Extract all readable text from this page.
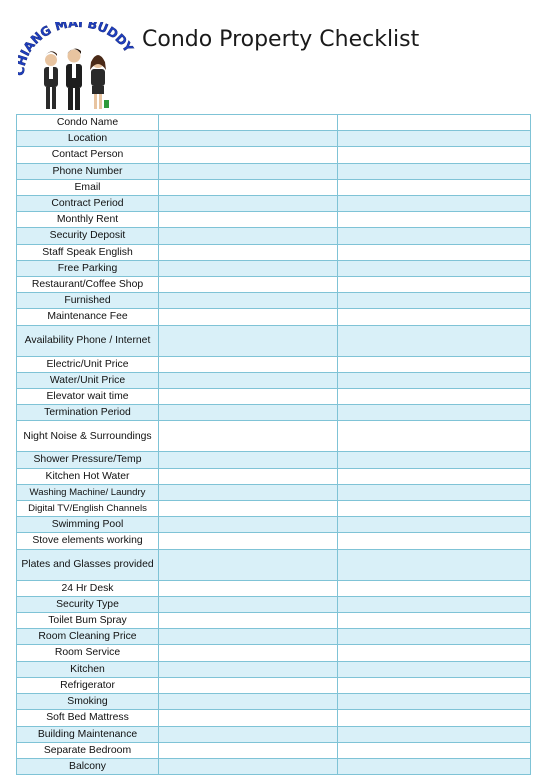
IANG MAI BUDDY Condo Property Checklist
Condo Name		
Location		
Contact Person		
Phone Number		
Email		
Contract Period		
Monthly Rent		
Security Deposit		
Staff Speak English		
Free Parking		
Restaurant/Coffee Shop		
Furnished		
Maintenance Fee		
Availability Phone / Internet		
Electric/Unit Price		
Water/Unit Price		
Elevator wait time		
Termination Period		
Night Noise & Surroundings		
Shower Pressure/Temp		
Kitchen Hot Water		
Washing Machine/ Laundry		
Digital TV/English Channels		
Swimming Pool		
Stove elements working		
Plates and Glasses provided		
24 Hr Desk		
Security Type		
Toilet Bum Spray		
Room Cleaning Price		
Room Service		
Kitchen		
Refrigerator		
Smoking		
Soft Bed Mattress		
Building Maintenance		
Separate Bedroom		
Balcony		
